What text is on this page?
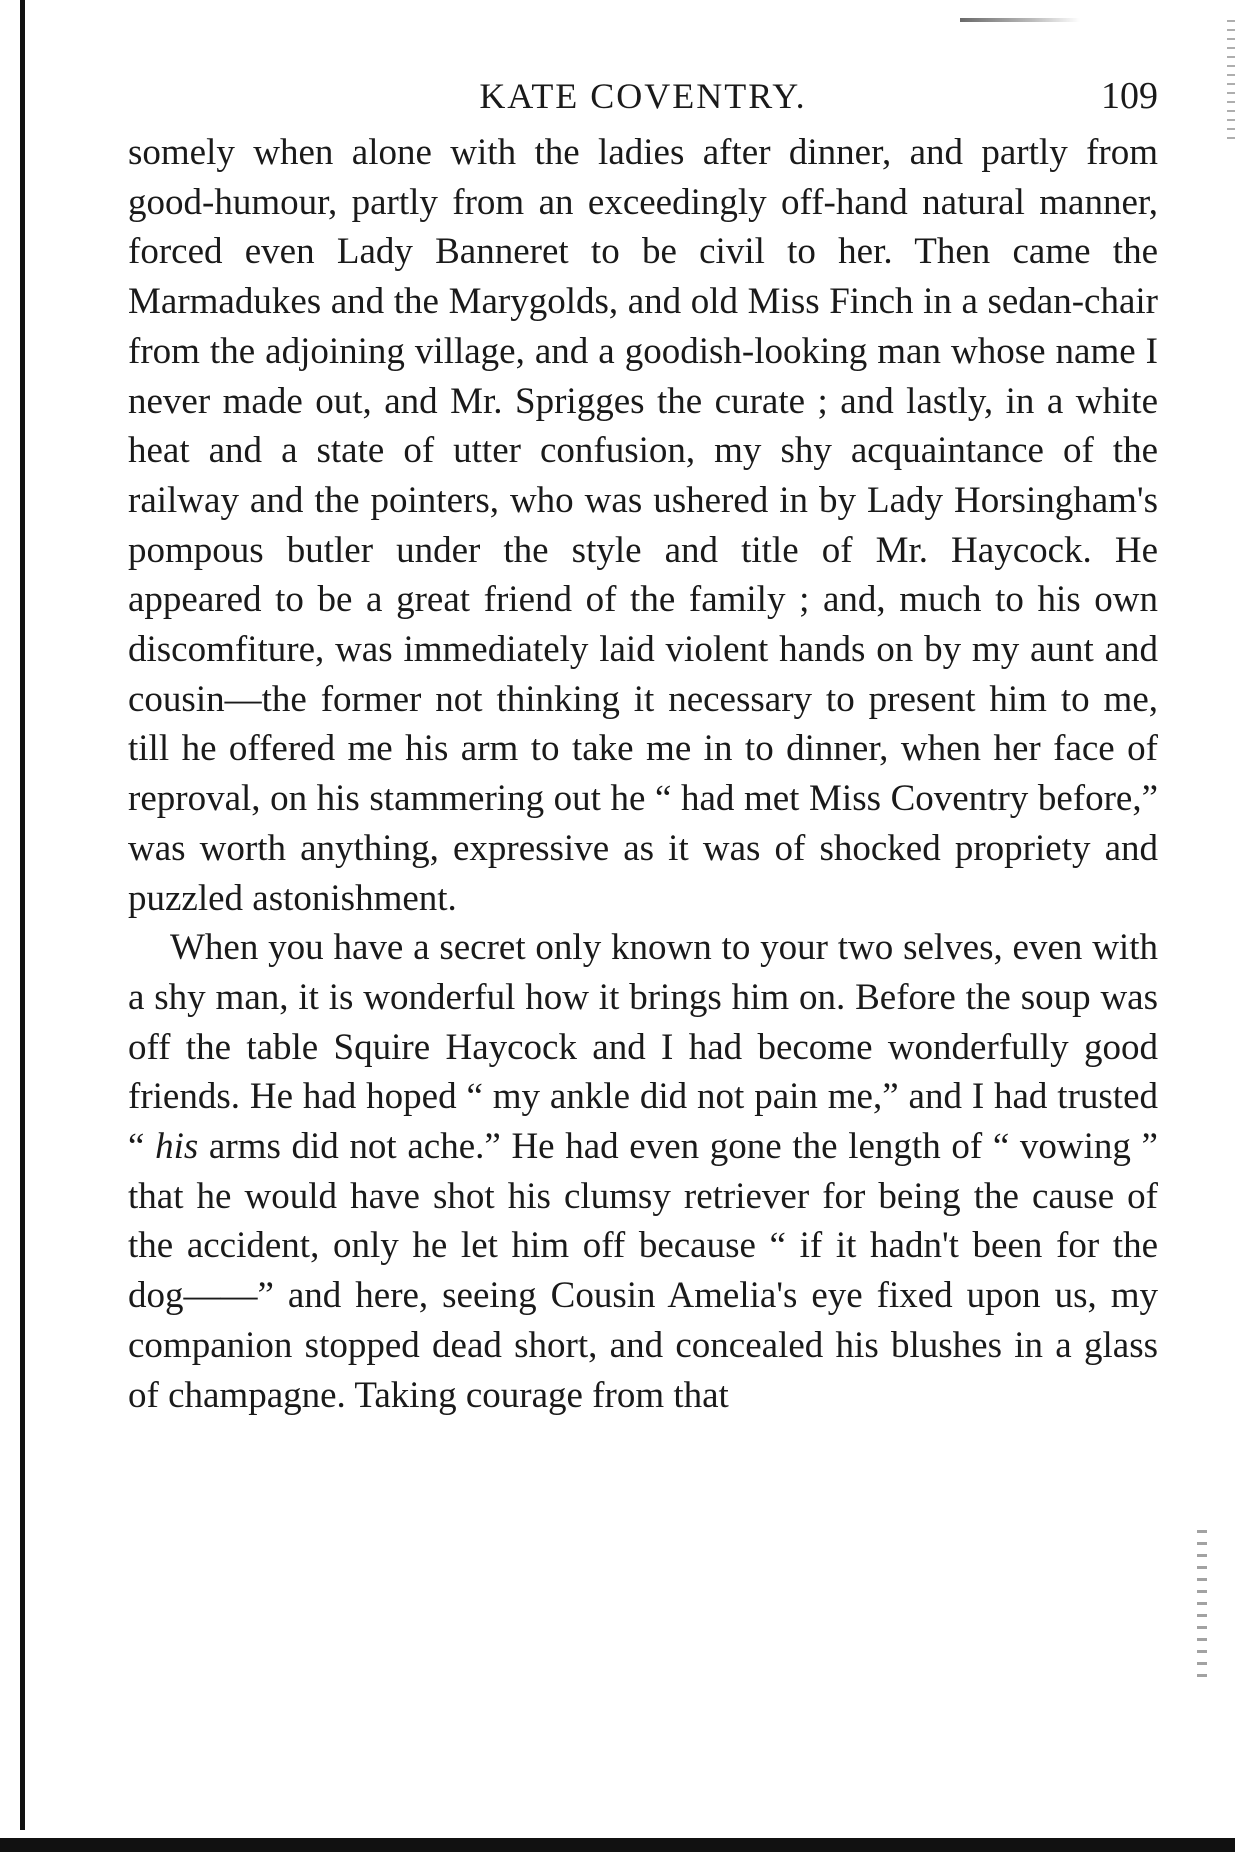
KATE COVENTRY.	109

somely when alone with the ladies after dinner, and partly from good-humour, partly from an exceedingly off-hand natural manner, forced even Lady Banneret to be civil to her. Then came the Marmadukes and the Marygolds, and old Miss Finch in a sedan-chair from the adjoining village, and a goodish-looking man whose name I never made out, and Mr. Sprigges the curate ; and lastly, in a white heat and a state of utter confusion, my shy acquaintance of the railway and the pointers, who was ushered in by Lady Horsingham's pompous butler under the style and title of Mr. Haycock. He appeared to be a great friend of the family ; and, much to his own discomfiture, was immediately laid violent hands on by my aunt and cousin—the former not thinking it necessary to present him to me, till he offered me his arm to take me in to dinner, when her face of reproval, on his stammering out he “ had met Miss Coventry before,” was worth anything, expressive as it was of shocked propriety and puzzled astonishment.

When you have a secret only known to your two selves, even with a shy man, it is wonderful how it brings him on. Before the soup was off the table Squire Haycock and I had become wonderfully good friends. He had hoped “ my ankle did not pain me,” and I had trusted “ his arms did not ache.” He had even gone the length of “ vowing ” that he would have shot his clumsy retriever for being the cause of the accident, only he let him off because “ if it hadn't been for the dog——” and here, seeing Cousin Amelia's eye fixed upon us, my companion stopped dead short, and concealed his blushes in a glass of champagne. Taking courage from that
